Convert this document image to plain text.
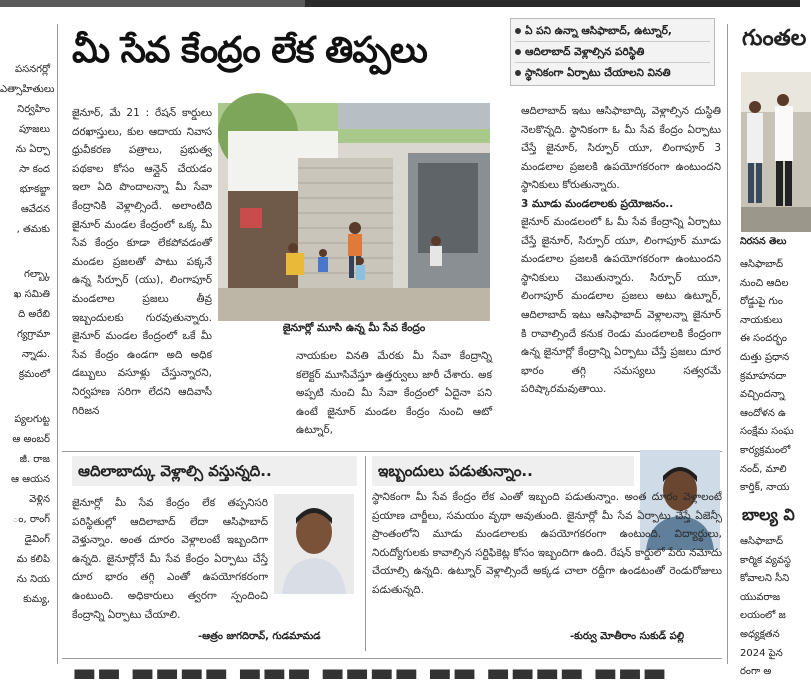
పసనగర్లో
ఎత్సాహితులు
నిర్వహిం
పూజలు
ను ఏర్పా
సా కంద
భూకబ్జా
ఆవేదన
, తమకు
గల్బ్కా
ఖ సమితి
ది అరేబి
గ్యగ్రామా
న్నాడు.
క్రమంలో
ప్యలగుట్ట
ఆ అంబర్
జీ. రాజ
ఆ ఆయన
వెళ్లిన
ం, రాంగ్
డైవింగ్
మ కలిపి
ను నియ
కుమ్య,
మీ సేవ కేంద్రం లేక తిప్పలు	ఏ పని ఉన్నా ఆసిఫాబాద్, ఉట్నూర్,
ఆదిలాబాద్ వెళ్లాల్సిన పరిస్థితి
స్థానికంగా ఏర్పాటు చేయాలని వినతి
జైనూర్, మే 21 : రేషన్ కార్డులు దరఖాస్తులు, కుల ఆదాయ నివాస ధ్రువీకరణ పత్రాలు, ప్రభుత్వ పథకాల కోసం ఆన్లైన్ చేయడం ఇలా ఏది పొందాలన్నా మీ సేవా కేంద్రానికి వెళ్లాల్సిందే. అలాంటిది జైనూర్ మండల కేంద్రంలో ఒక్క మీ సేవ కేంద్రం కూడా లేకపోవడంతో మండల ప్రజలతో పాటు పక్కనే ఉన్న సిర్పూర్ (యు), లింగాపూర్ మండలాల ప్రజలు తీవ్ర ఇబ్బందులకు గురవుతున్నారు. జైనూర్ మండల కేంద్రంలో ఒకే మీ సేవ కేంద్రం ఉండగా అది అధిక డబ్బులు వసూళ్లు చేస్తున్నారని, నిర్వహణ సరిగా లేదని ఆదివాసీ గిరిజన
జైనూర్లో మూసి ఉన్న మీ సేవ కేంద్రం
నాయకుల వినతి మేరకు మీ సేవా కేంద్రాన్ని కలెక్టర్ మూసివేస్తూ ఉత్తర్వులు జారీ చేశారు. అక అప్పటి నుంచి మీ సేవా కేంద్రంలో ఏదైనా పని ఉంటే జైనూర్ మండల కేంద్రం నుంచి ఆటో ఉట్నూర్,
ఆదిలాబాద్ ఇటు ఆసిఫాబాద్కి వెళ్లాల్సిన దుస్థితి నెలకొన్నది. స్థానికంగా ఓ మీ సేవ కేంద్రం ఏర్పాటు చేస్తే జైనూర్, సిర్పూర్ యూ, లింగాపూర్ 3 మండలాల ప్రజలకి ఉపయోగకరంగా ఉంటుందని స్థానికులు కోరుతున్నారు.
3 మూడు మండలాలకు ప్రయోజనం..
జైనూర్ మండలంలో ఓ మీ సేవ కేంద్రాన్ని ఏర్పాటు చేస్తే జైనూర్, సిర్పూర్ యూ, లింగాపూర్ మూడు మండలాల ప్రజలకి ఉపయోగకరంగా ఉంటుందని స్థానికులు చెబుతున్నారు. సిర్పూర్ యూ, లింగాపూర్ మండలాల ప్రజలు అటు ఉట్నూర్, ఆదిలాబాద్ ఇటు ఆసిఫాబాద్ వెళ్లాలన్నా జైనూర్ కి రావాల్సిందే కనుక రెండు మండలాలకి కేంద్రంగా ఉన్న జైనూర్లో కేంద్రాన్ని ఏర్పాటు చేస్తే ప్రజలు దూర భారం తగ్గి సమస్యలు సత్వరమే పరిష్కారమవుతాయి.
ఆదిలాబాద్కు వెళ్లాల్సి వస్తున్నది..
జైనూర్లో మీ సేవ కేంద్రం లేక తప్పనిసరి పరిస్థితుల్లో ఆదిలాబాద్ లేదా ఆసిఫాబాద్ వెళ్తున్నాం. అంత దూరం వెళ్లాలంటే ఇబ్బందిగా ఉన్నది. జైనూర్లోనే మీ సేవ కేంద్రం ఏర్పాటు చేస్తే దూర భారం తగ్గి ఎంతో ఉపయోగకరంగా ఉంటుంది. అధికారులు త్వరగా స్పందించి కేంద్రాన్ని ఏర్పాటు చేయాలి.
-ఆత్రం జుగదిరావ్, గుడమామడ
ఇబ్బందులు పడుతున్నాం..
స్థానికంగా మీ సేవ కేంద్రం లేక ఎంతో ఇబ్బంది పడుతున్నాం. అంత దూరం వెళ్లాలంటే ప్రయాణ చార్జీలు, సమయం వృథా అవుతుంది. జైనూర్లో మీ సేవ ఏర్పాటు చేస్తే ఏజెన్సీ ప్రాంతంలోని మూడు మండలాలకు ఉపయోగకరంగా ఉంటుంది. విద్యార్థులు, నిరుద్యోగులకు కావాల్సిన సర్టిఫికెట్ల కోసం ఇబ్బందిగా ఉంది. రేషన్ కార్డులో పేరు నమోదు చేయాల్సి ఉన్నది. ఉట్నూర్ వెళ్లాల్సిందే అక్కడ చాలా రద్దీగా ఉండటంతో రెండురోజులు పడుతున్నది.
-కుర్వు మోతీరాం సుకుడ్ పల్లి
▬▬ ▬▬▬▬ ▬▬▬ ▬▬▬▬ ▬▬ ▬▬▬▬ ▬▬▬
గుంతల
నిరసన తెలు
ఆసిఫాబాద్
నుంచి ఆదిల
రోడ్డుపై గుం
నాయకులు
ఈ సందర్భం
దుత్తు ప్రధాన
క్రమాహనదా
వచ్చిందన్నా
ఆందోళన ఉ
సంక్షేమ సంఘ
కార్యక్రమంలో
నంద్, మాలి
కార్తిక్, నాయ
బాల్య వి
ఆసిఫాబాద్
కార్మిక వ్యవస్థ
కోవాలని సీని
యువరాజ
లయంలో జ
అధ్యక్షతన
2024 పైన
రంగా అ
